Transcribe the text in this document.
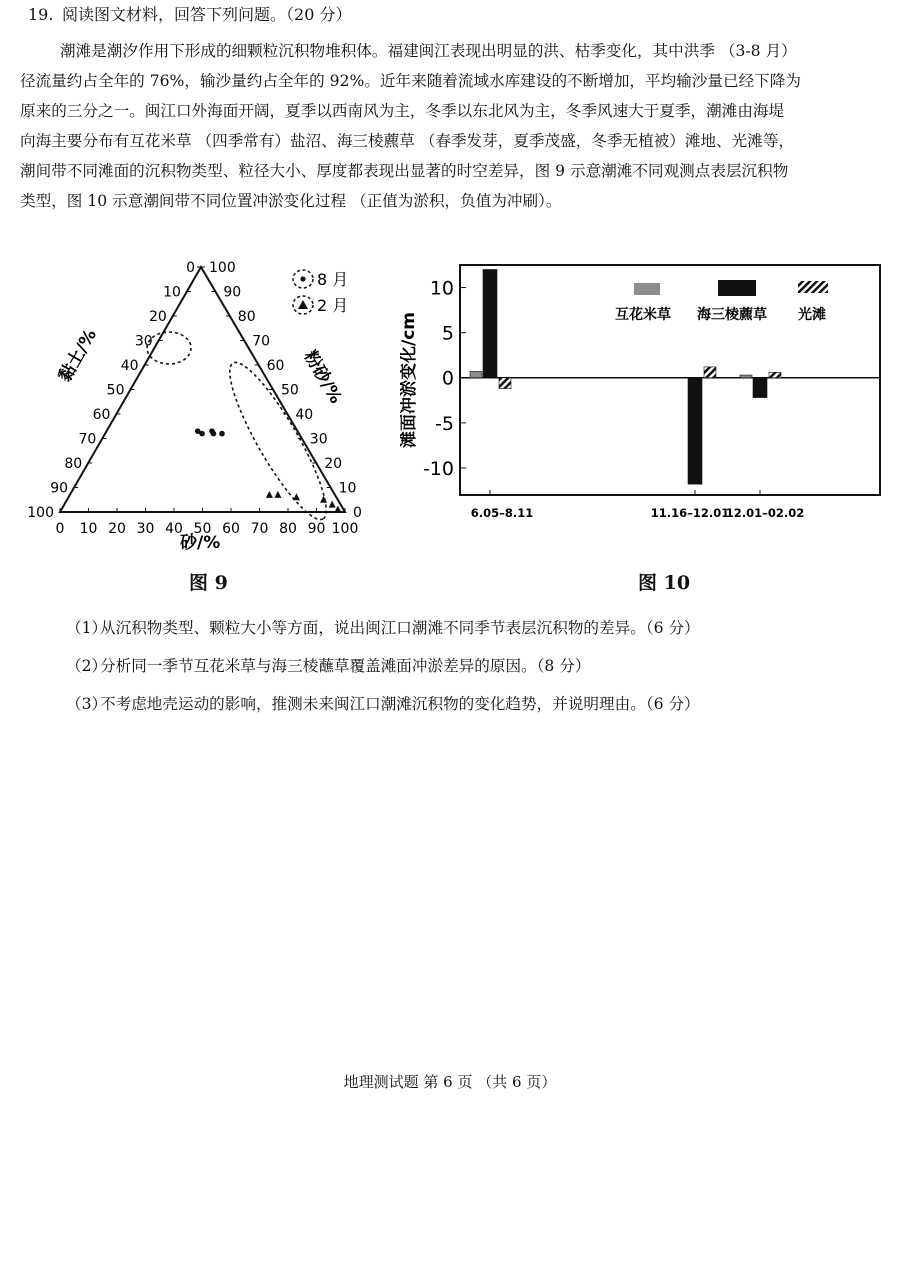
19. 阅读图文材料，回答下列问题。（20 分）
潮滩是潮汐作用下形成的细颗粒沉积物堆积体。福建闽江表现出明显的洪、枯季变化，其中洪季 （3-8 月）
径流量约占全年的 76%，输沙量约占全年的 92%。近年来随着流域水库建设的不断增加，平均输沙量已经下降为
原来的三分之一。闽江口外海面开阔，夏季以西南风为主，冬季以东北风为主，冬季风速大于夏季，潮滩由海堤
向海主要分布有互花米草 （四季常有）盐沼、海三棱藨草 （春季发芽，夏季茂盛，冬季无植被）滩地、光滩等，
潮间带不同滩面的沉积物类型、粒径大小、厚度都表现出显著的时空差异，图 9 示意潮滩不同观测点表层沉积物
类型，图 10 示意潮间带不同位置冲淤变化过程 （正值为淤积，负值为冲刷）。
0 10 20 30 40 50 60 70 80 90 100
0
10
20
30
40
50
60
70
80
90
100
100
90
80
70
60
50
40
30
20
10
0
8 月
2 月
黏土/%	粉砂/%
砂/%
图 9
10
5
0
-5
-10
6.05–8.11	11.16–12.01
12.01–02.02
滩面冲淤变化/cm	互花米草 海三棱藨草 光滩
图 10
（1）从沉积物类型、颗粒大小等方面，说出闽江口潮滩不同季节表层沉积物的差异。（6 分）
（2）分析同一季节互花米草与海三棱蘸草覆盖滩面冲淤差异的原因。（8 分）
（3）不考虑地壳运动的影响，推测未来闽江口潮滩沉积物的变化趋势，并说明理由。（6 分）
地理测试题 第 6 页 （共 6 页）
